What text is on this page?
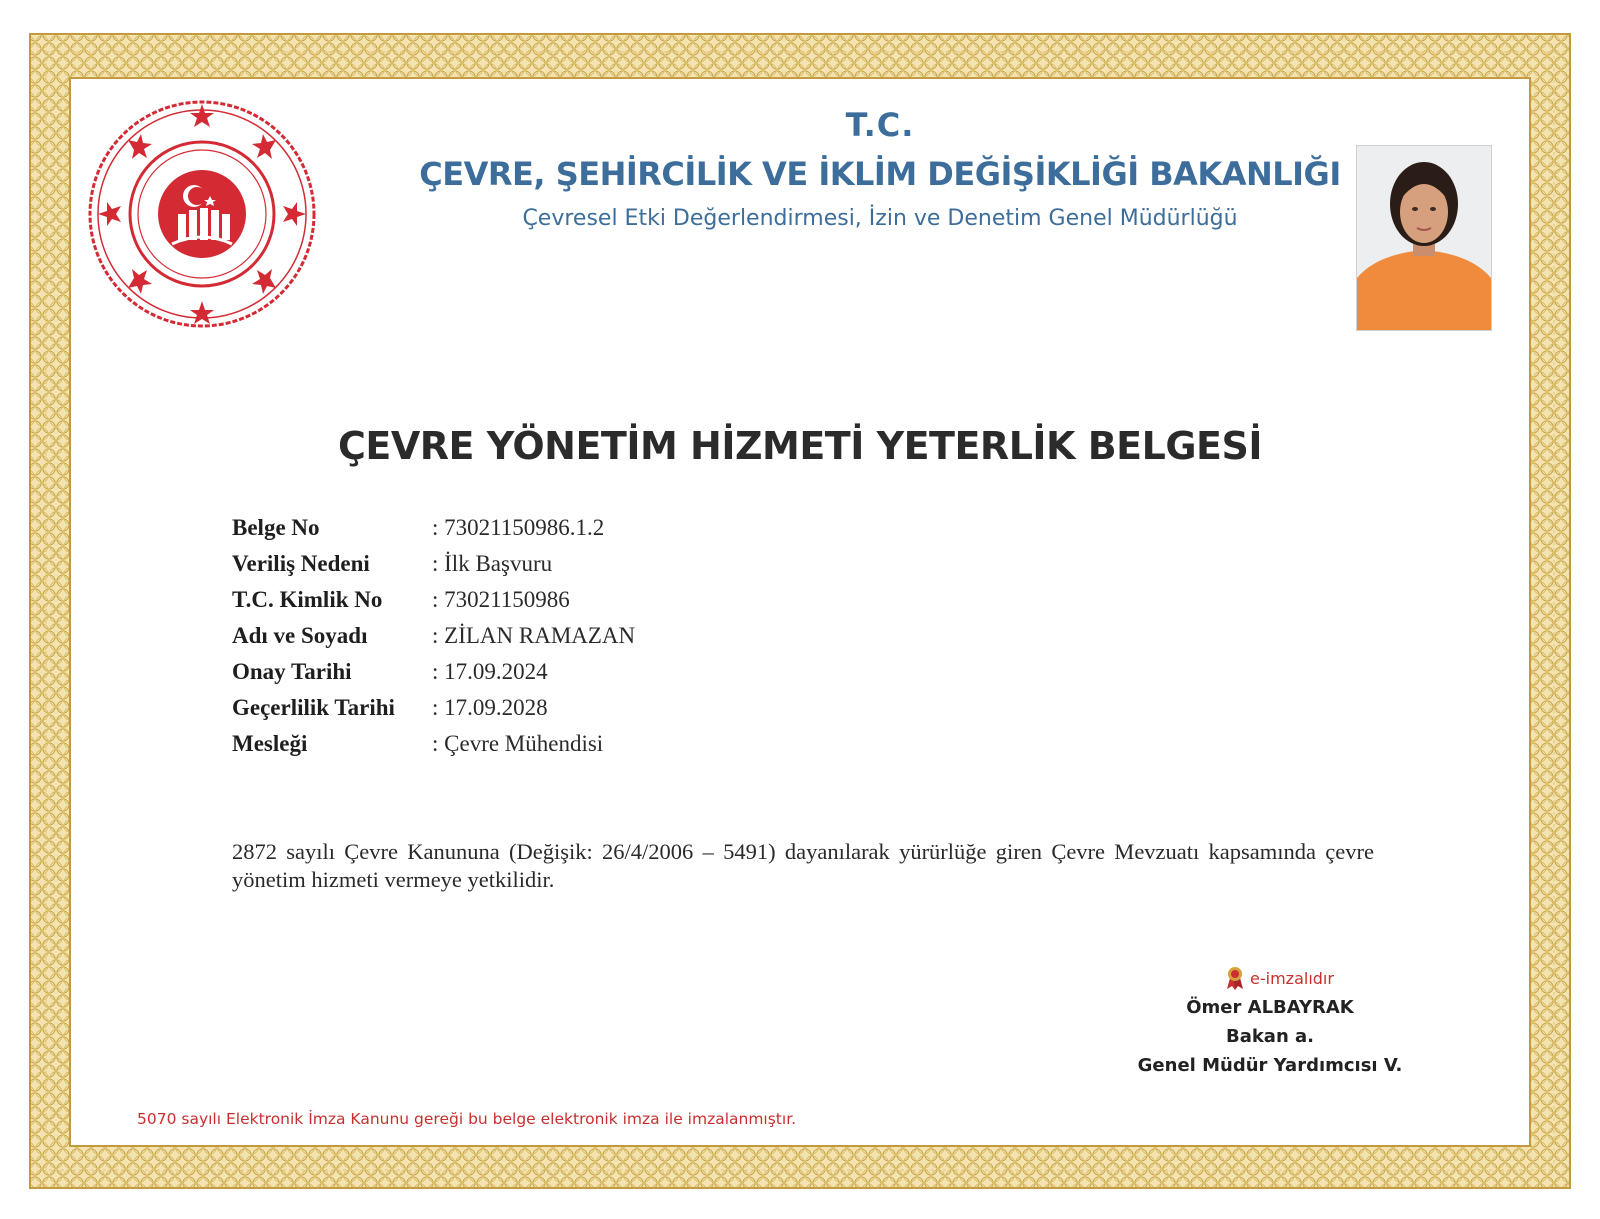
T.C.
ÇEVRE, ŞEHİRCİLİK VE İKLİM DEĞİŞİKLİĞİ BAKANLIĞI
Çevresel Etki Değerlendirmesi, İzin ve Denetim Genel Müdürlüğü
ÇEVRE YÖNETİM HİZMETİ YETERLİK BELGESİ
Belge No	: 73021150986.1.2
Veriliş Nedeni	: İlk Başvuru
T.C. Kimlik No	: 73021150986
Adı ve Soyadı	: ZİLAN RAMAZAN
Onay Tarihi	: 17.09.2024
Geçerlilik Tarihi	: 17.09.2028
Mesleği	: Çevre Mühendisi
2872 sayılı Çevre Kanununa (Değişik: 26/4/2006 – 5491) dayanılarak yürürlüğe giren Çevre Mevzuatı kapsamında çevre yönetim hizmeti vermeye yetkilidir.
e-imzalıdır
Ömer ALBAYRAK
Bakan a.
Genel Müdür Yardımcısı V.
5070 sayılı Elektronik İmza Kanunu gereği bu belge elektronik imza ile imzalanmıştır.
